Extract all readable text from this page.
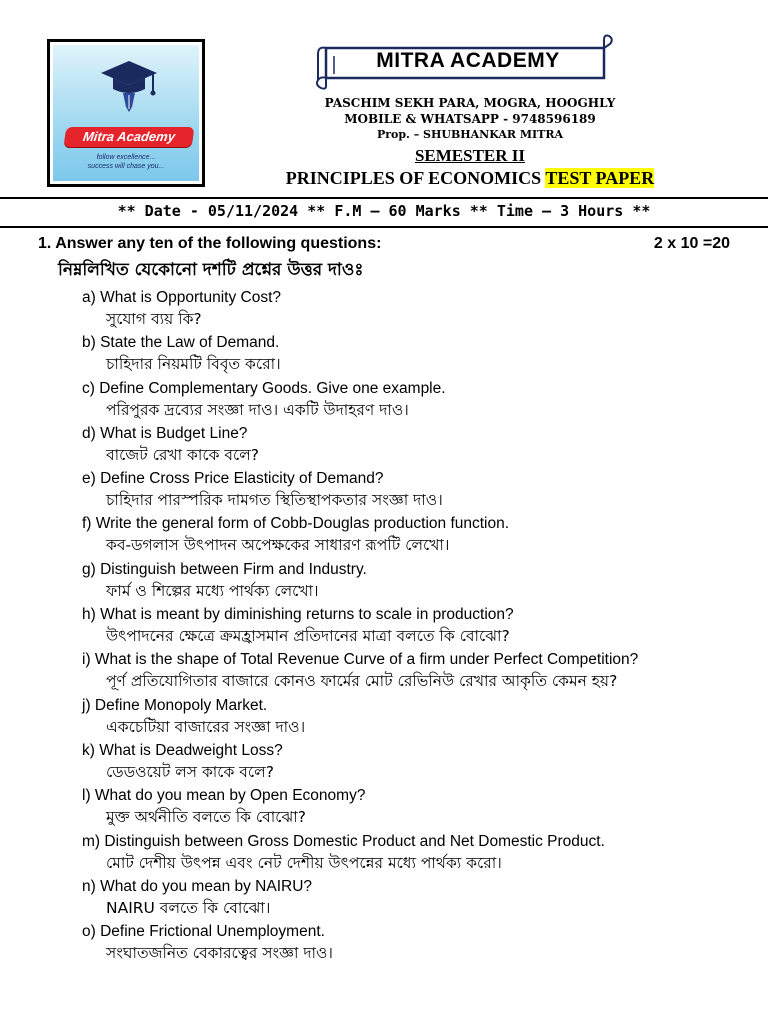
Mitra Academy
follow excellence...
success will chase you...
MITRA ACADEMY
PASCHIM SEKH PARA, MOGRA, HOOGHLY
MOBILE & WHATSAPP - 9748596189
Prop. – SHUBHANKAR MITRA
SEMESTER II
PRINCIPLES OF ECONOMICS TEST PAPER
** Date - 05/11/2024 ** F.M – 60 Marks ** Time – 3 Hours **
1. Answer any ten of the following questions:	2 x 10 =20
নিম্নলিখিত যেকোনো দশটি প্রশ্নের উত্তর দাওঃ
a) What is Opportunity Cost?
সুযোগ ব্যয় কি?
b) State the Law of Demand.
চাহিদার নিয়মটি বিবৃত করো।
c) Define Complementary Goods. Give one example.
পরিপুরক দ্রব্যের সংজ্ঞা দাও। একটি উদাহরণ দাও।
d) What is Budget Line?
বাজেট রেখা কাকে বলে?
e) Define Cross Price Elasticity of Demand?
চাহিদার পারস্পরিক দামগত স্থিতিস্থাপকতার সংজ্ঞা দাও।
f) Write the general form of Cobb-Douglas production function.
কব-ডগলাস উৎপাদন অপেক্ষকের সাধারণ রূপটি লেখো।
g) Distinguish between Firm and Industry.
ফার্ম ও শিল্পের মধ্যে পার্থক্য লেখো।
h) What is meant by diminishing returns to scale in production?
উৎপাদনের ক্ষেত্রে ক্রমহ্রাসমান প্রতিদানের মাত্রা বলতে কি বোঝো?
i) What is the shape of Total Revenue Curve of a firm under Perfect Competition?
পূর্ণ প্রতিযোগিতার বাজারে কোনও ফার্মের মোট রেভিনিউ রেখার আকৃতি কেমন হয়?
j) Define Monopoly Market.
একচেটিয়া বাজারের সংজ্ঞা দাও।
k) What is Deadweight Loss?
ডেডওয়েট লস কাকে বলে?
l) What do you mean by Open Economy?
মুক্ত অর্থনীতি বলতে কি বোঝো?
m) Distinguish between Gross Domestic Product and Net Domestic Product.
মোট দেশীয় উৎপন্ন এবং নেট দেশীয় উৎপন্নের মধ্যে পার্থক্য করো।
n) What do you mean by NAIRU?
NAIRU বলতে কি বোঝো।
o) Define Frictional Unemployment.
সংঘাতজনিত বেকারত্বের সংজ্ঞা দাও।
